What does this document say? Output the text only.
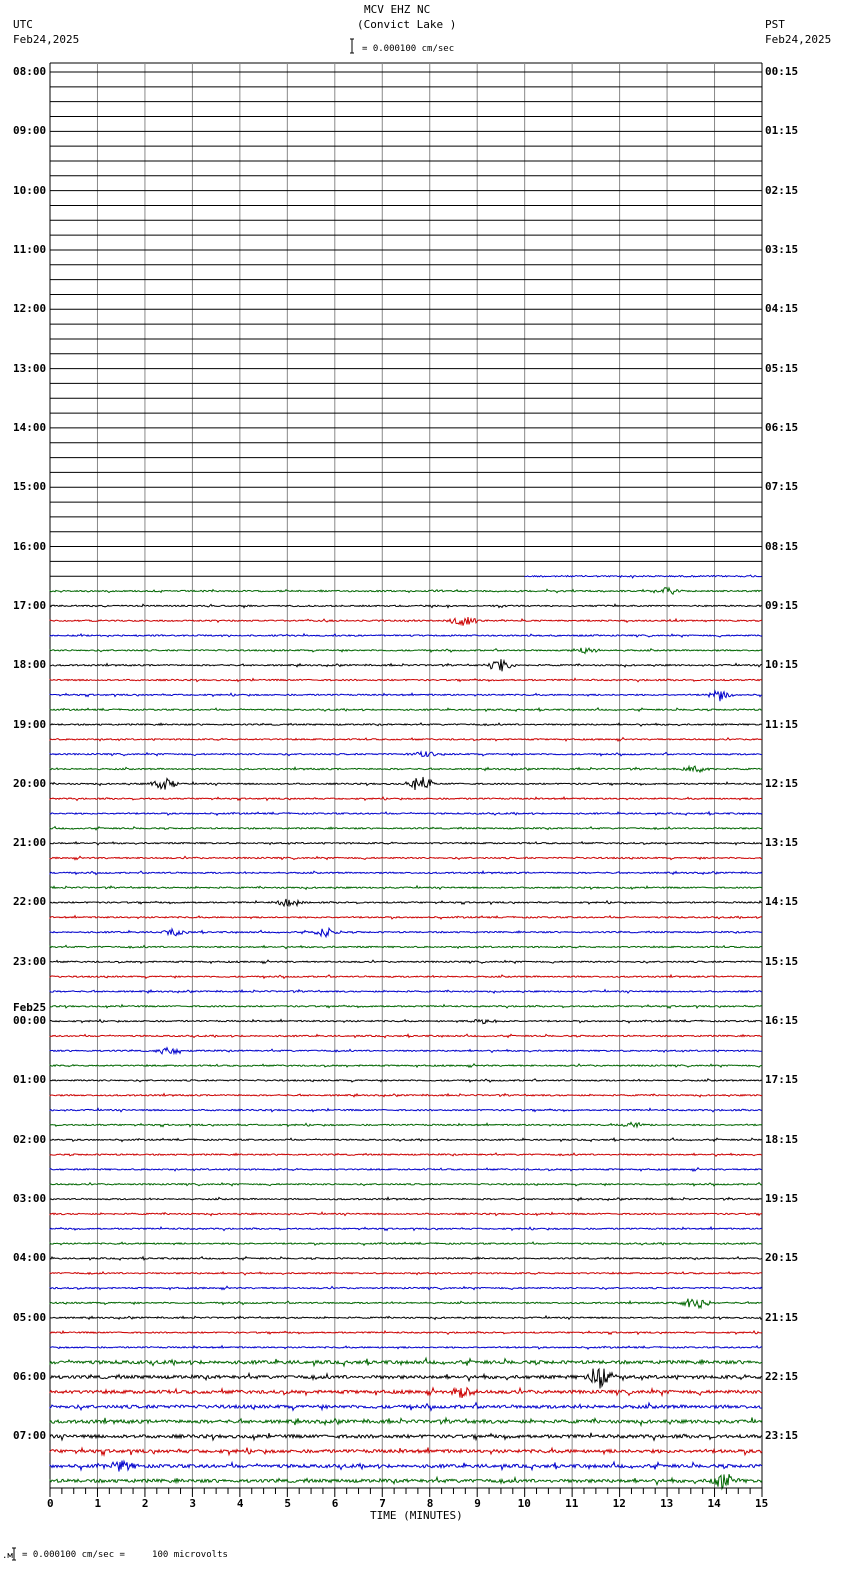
MCV EHZ NC
(Convict Lake )
= 0.000100 cm/sec
UTC
Feb24,2025
PST
Feb24,2025
08:00
09:00
10:00
11:00
12:00
13:00
14:00
15:00
16:00
17:00
18:00
19:00
20:00
21:00
22:00
23:00
00:00
01:00
02:00
03:00
04:00
05:00
06:00
07:00
00:15
01:15
02:15
03:15
04:15
05:15
06:15
07:15
08:15
09:15
10:15
11:15
12:15
13:15
14:15
15:15
16:15
17:15
18:15
19:15
20:15
21:15
22:15
23:15
Feb25
TIME (MINUTES)
0	1	2	3	4	5	6	7	8	9	10	11	12	13	14	15
= 0.000100 cm/sec =     100 microvolts
.м
